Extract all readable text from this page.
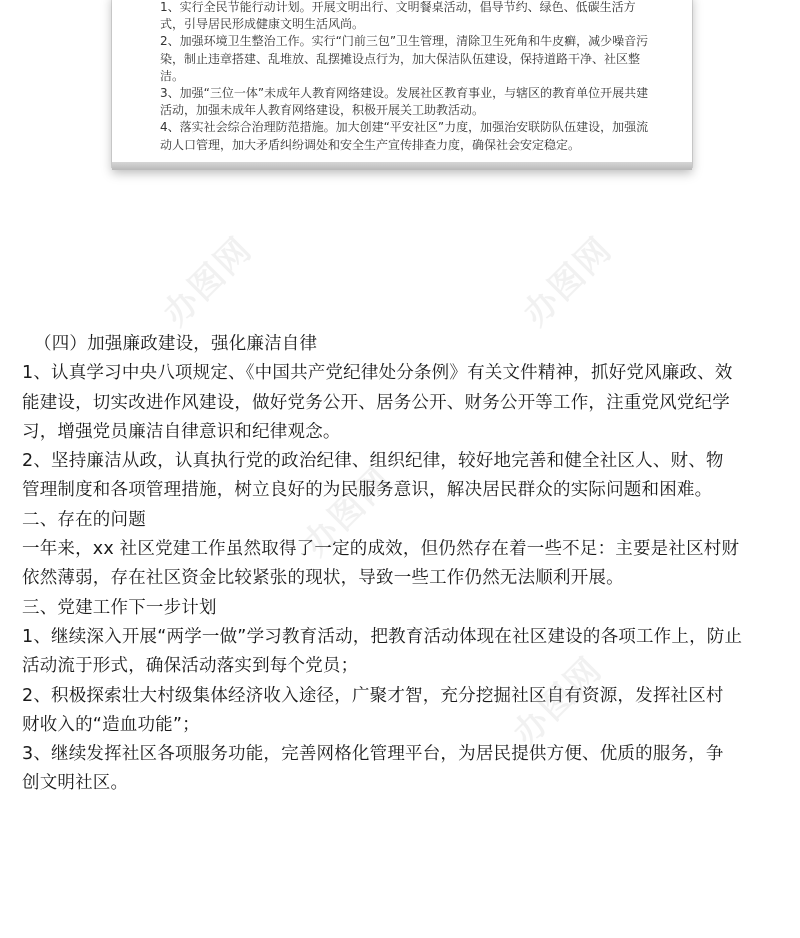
1、实行全民节能行动计划。开展文明出行、文明餐桌活动，倡导节约、绿色、低碳生活方
式，引导居民形成健康文明生活风尚。
2、加强环境卫生整治工作。实行“门前三包”卫生管理，清除卫生死角和牛皮癣，减少噪音污
染，制止违章搭建、乱堆放、乱摆摊设点行为，加大保洁队伍建设，保持道路干净、社区整
洁。
3、加强“三位一体”未成年人教育网络建设。发展社区教育事业，与辖区的教育单位开展共建
活动，加强未成年人教育网络建设，积极开展关工助教活动。
4、落实社会综合治理防范措施。加大创建“平安社区”力度，加强治安联防队伍建设，加强流
动人口管理，加大矛盾纠纷调处和安全生产宣传排查力度，确保社会安定稳定。
办图网	办图网
办图网
办图网

（四）加强廉政建设，强化廉洁自律

1、认真学习中央八项规定、《中国共产党纪律处分条例》有关文件精神，抓好党风廉政、效

能建设，切实改进作风建设，做好党务公开、居务公开、财务公开等工作，注重党风党纪学

习，增强党员廉洁自律意识和纪律观念。

2、坚持廉洁从政，认真执行党的政治纪律、组织纪律，较好地完善和健全社区人、财、物

管理制度和各项管理措施，树立良好的为民服务意识，解决居民群众的实际问题和困难。

二、存在的问题

一年来，xx 社区党建工作虽然取得了一定的成效，但仍然存在着一些不足：主要是社区村财

依然薄弱，存在社区资金比较紧张的现状，导致一些工作仍然无法顺利开展。

三、党建工作下一步计划

1、继续深入开展“两学一做”学习教育活动，把教育活动体现在社区建设的各项工作上，防止

活动流于形式，确保活动落实到每个党员；

2、积极探索壮大村级集体经济收入途径，广聚才智，充分挖掘社区自有资源，发挥社区村

财收入的“造血功能”；

3、继续发挥社区各项服务功能，完善网格化管理平台，为居民提供方便、优质的服务，争

创文明社区。
